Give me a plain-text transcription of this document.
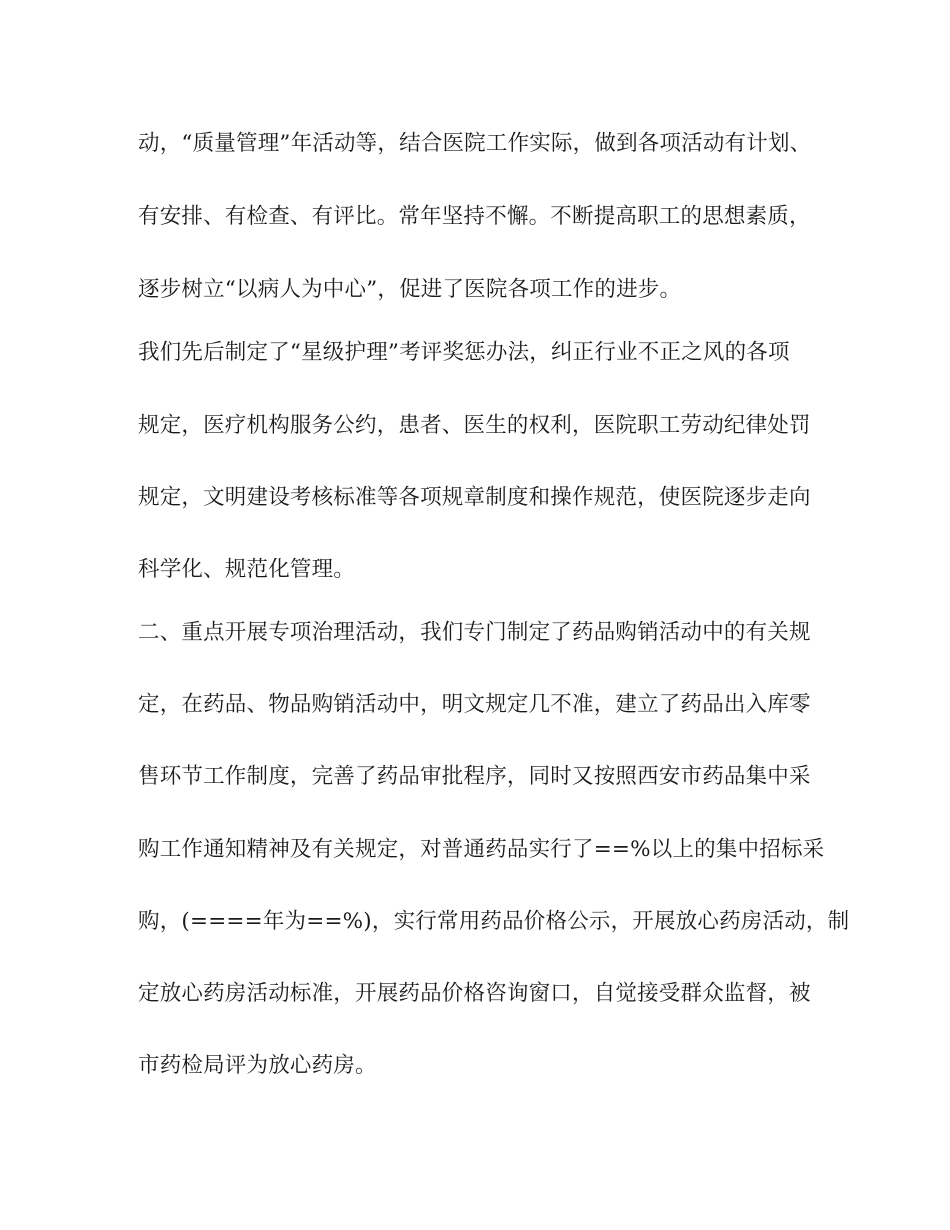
动，“质量管理”年活动等，结合医院工作实际，做到各项活动有计划、
有安排、有检查、有评比。常年坚持不懈。不断提高职工的思想素质，
逐步树立“以病人为中心”，促进了医院各项工作的进步。
我们先后制定了“星级护理”考评奖惩办法，纠正行业不正之风的各项
规定，医疗机构服务公约，患者、医生的权利，医院职工劳动纪律处罚
规定，文明建设考核标准等各项规章制度和操作规范，使医院逐步走向
科学化、规范化管理。
二、重点开展专项治理活动，我们专门制定了药品购销活动中的有关规
定，在药品、物品购销活动中，明文规定几不准，建立了药品出入库零
售环节工作制度，完善了药品审批程序，同时又按照西安市药品集中采
购工作通知精神及有关规定，对普通药品实行了==%以上的集中招标采
购，(====年为==%)，实行常用药品价格公示，开展放心药房活动，制
定放心药房活动标准，开展药品价格咨询窗口，自觉接受群众监督，被
市药检局评为放心药房。
